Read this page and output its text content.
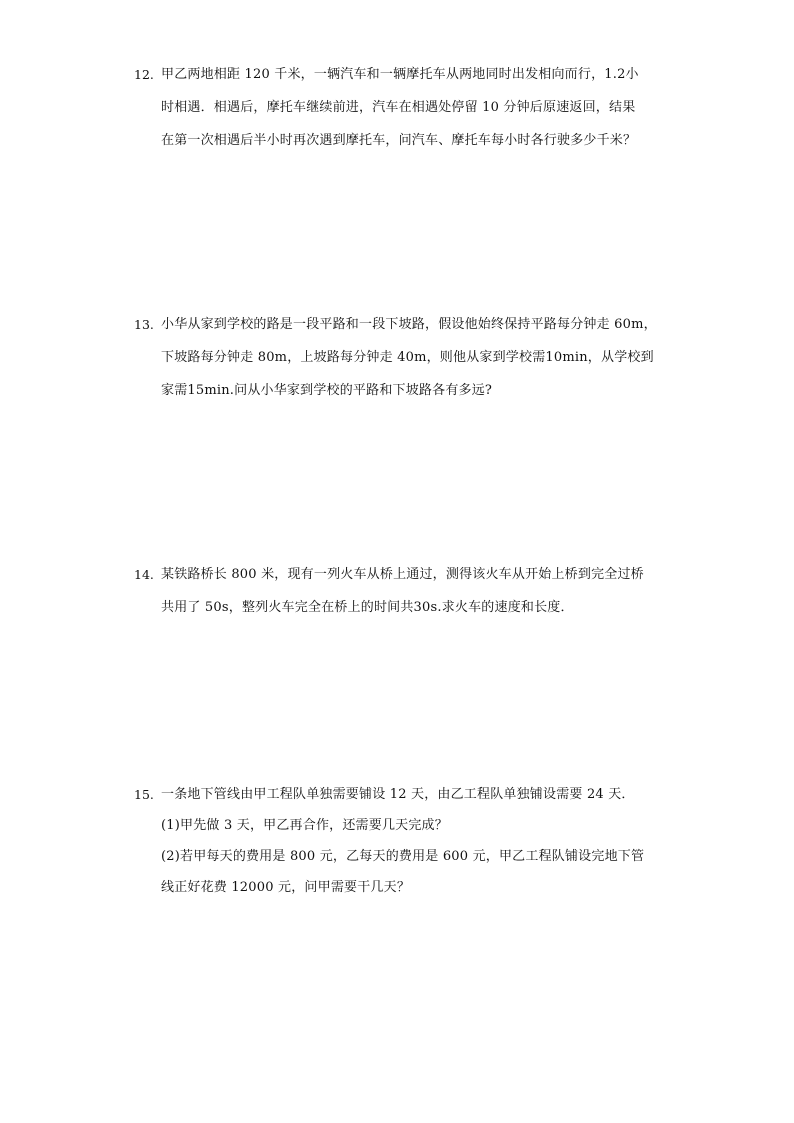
12. 甲乙两地相距 120 千米，一辆汽车和一辆摩托车从两地同时出发相向而行，1.2小
时相遇．相遇后，摩托车继续前进，汽车在相遇处停留 10 分钟后原速返回，结果
在第一次相遇后半小时再次遇到摩托车，问汽车、摩托车每小时各行驶多少千米？
13. 小华从家到学校的路是一段平路和一段下坡路，假设他始终保持平路每分钟走 60m，
下坡路每分钟走 80m，上坡路每分钟走 40m，则他从家到学校需10min，从学校到
家需15min.问从小华家到学校的平路和下坡路各有多远?
14. 某铁路桥长 800 米，现有一列火车从桥上通过，测得该火车从开始上桥到完全过桥
共用了 50s，整列火车完全在桥上的时间共30s.求火车的速度和长度．
15. 一条地下管线由甲工程队单独需要铺设 12 天，由乙工程队单独铺设需要 24 天．
(1)甲先做 3 天，甲乙再合作，还需要几天完成？
(2)若甲每天的费用是 800 元，乙每天的费用是 600 元，甲乙工程队铺设完地下管
线正好花费 12000 元，问甲需要干几天？
